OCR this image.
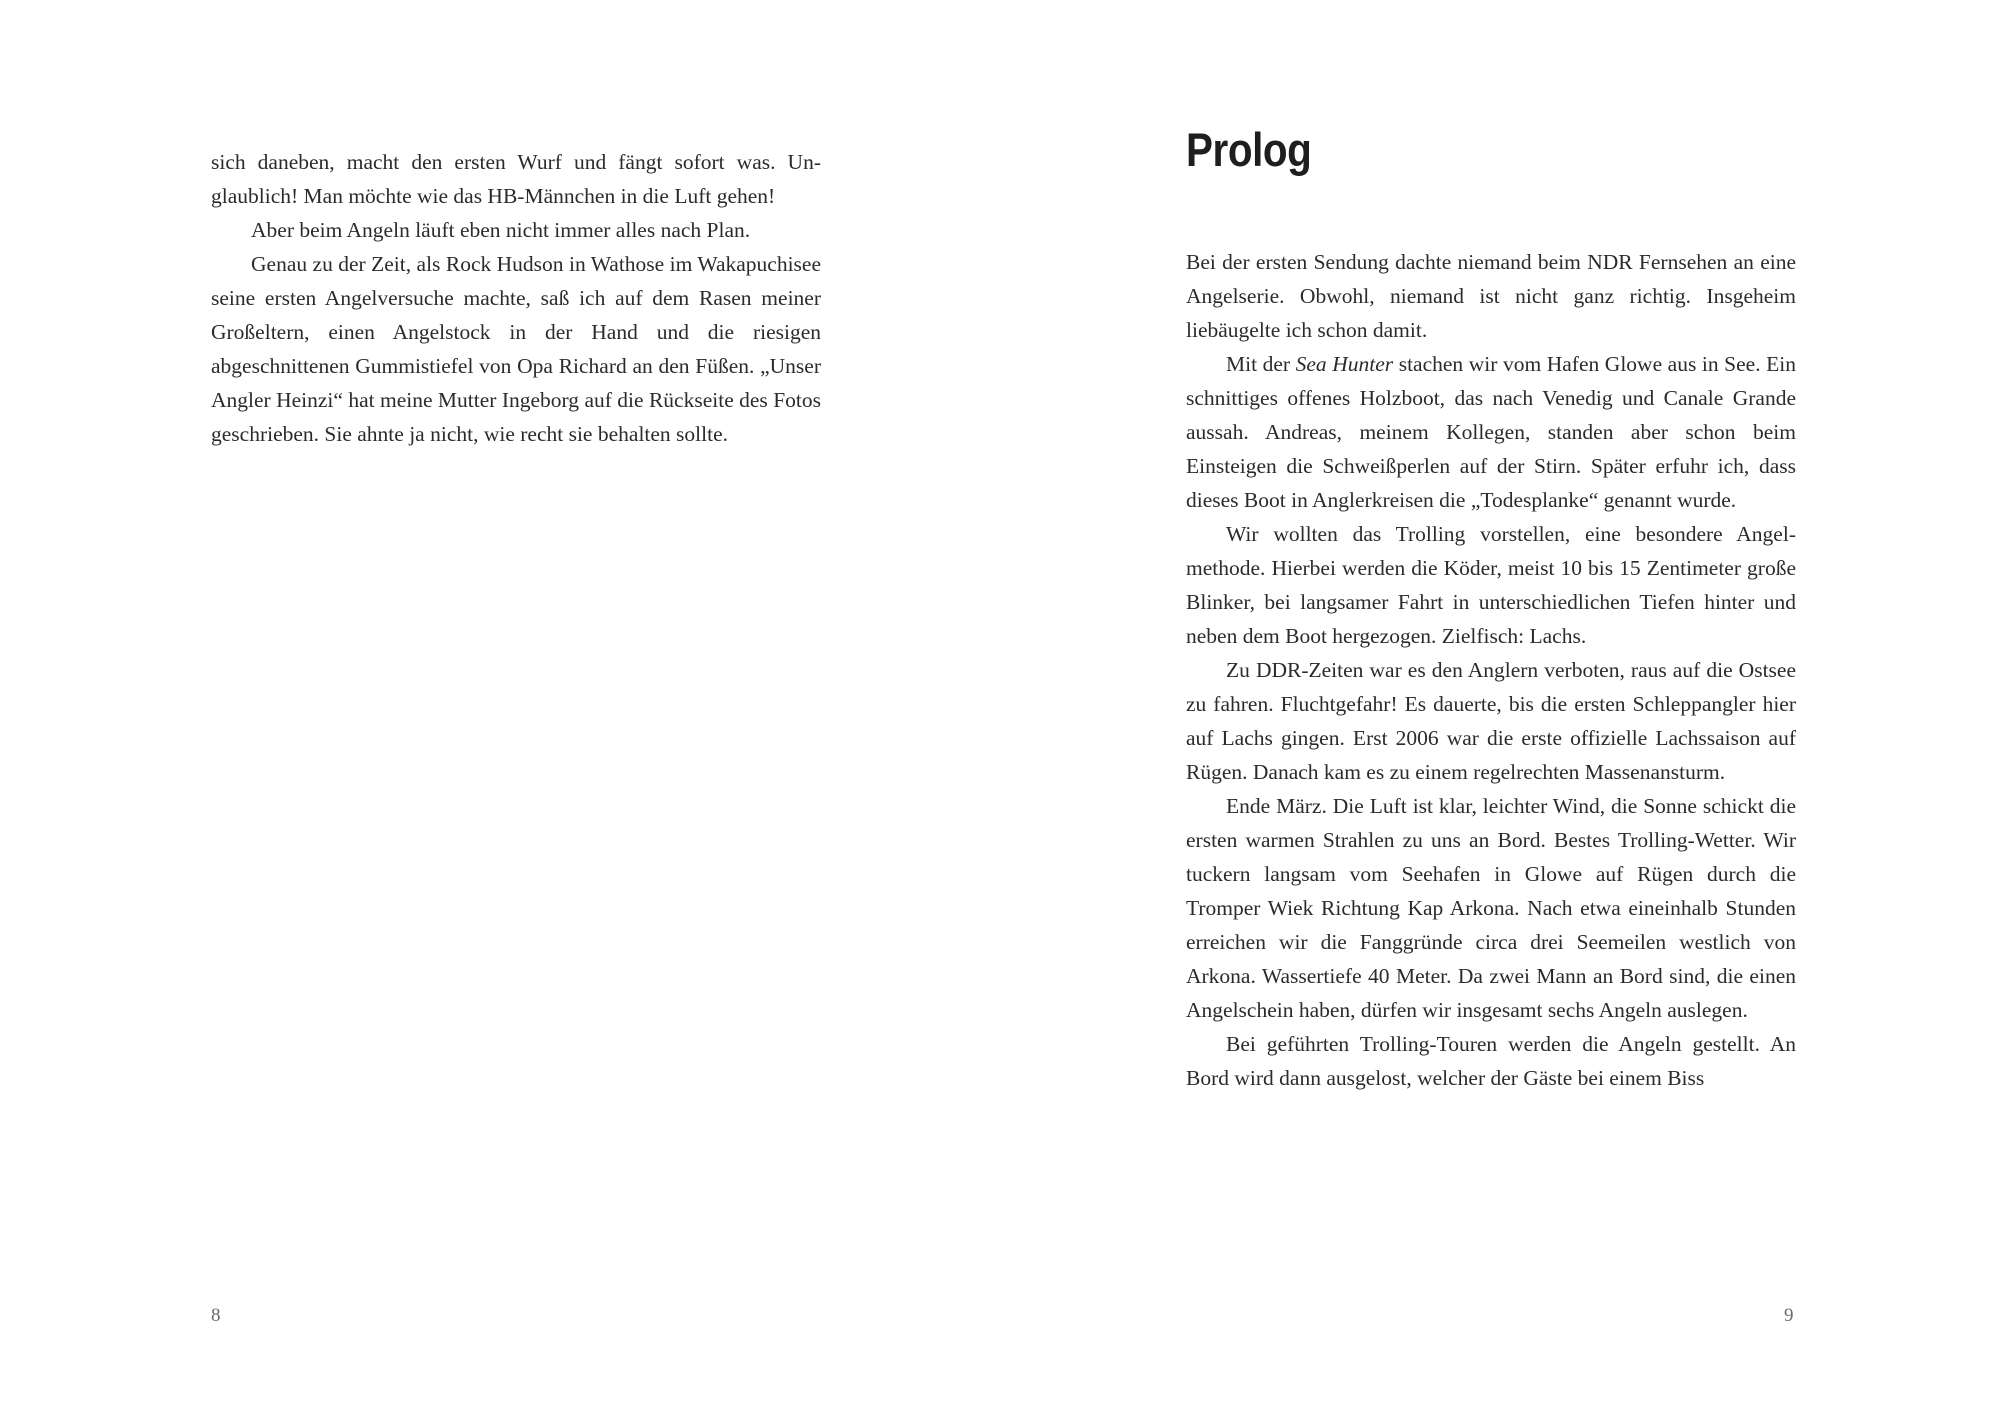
sich daneben, macht den ersten Wurf und fängt sofort was. Unglaublich! Man möchte wie das HB-Männchen in die Luft gehen!

Aber beim Angeln läuft eben nicht immer alles nach Plan.

Genau zu der Zeit, als Rock Hudson in Wathose im Wakapuchisee seine ersten Angelversuche machte, saß ich auf dem Rasen meiner Großeltern, einen Angelstock in der Hand und die riesigen abgeschnittenen Gummistiefel von Opa Richard an den Füßen. „Unser Angler Heinzi“ hat meine Mutter Ingeborg auf die Rückseite des Fotos geschrieben. Sie ahnte ja nicht, wie recht sie behalten sollte.

8
Prolog

Bei der ersten Sendung dachte niemand beim NDR Fernsehen an eine Angelserie. Obwohl, niemand ist nicht ganz richtig. Insgeheim liebäugelte ich schon damit.

Mit der Sea Hunter stachen wir vom Hafen Glowe aus in See. Ein schnittiges offenes Holzboot, das nach Venedig und Canale Grande aussah. Andreas, meinem Kollegen, standen aber schon beim Einsteigen die Schweißperlen auf der Stirn. Später erfuhr ich, dass dieses Boot in Anglerkreisen die „Todesplanke“ genannt wurde.

Wir wollten das Trolling vorstellen, eine besondere Angelmethode. Hierbei werden die Köder, meist 10 bis 15 Zentimeter große Blinker, bei langsamer Fahrt in unterschiedlichen Tiefen hinter und neben dem Boot hergezogen. Zielfisch: Lachs.

Zu DDR-Zeiten war es den Anglern verboten, raus auf die Ostsee zu fahren. Fluchtgefahr! Es dauerte, bis die ersten Schleppangler hier auf Lachs gingen. Erst 2006 war die erste offizielle Lachssaison auf Rügen. Danach kam es zu einem regelrechten Massenansturm.

Ende März. Die Luft ist klar, leichter Wind, die Sonne schickt die ersten warmen Strahlen zu uns an Bord. Bestes Trolling-Wetter. Wir tuckern langsam vom Seehafen in Glowe auf Rügen durch die Tromper Wiek Richtung Kap Arkona. Nach etwa eineinhalb Stunden erreichen wir die Fanggründe circa drei Seemeilen westlich von Arkona. Wassertiefe 40 Meter. Da zwei Mann an Bord sind, die einen Angelschein haben, dürfen wir insgesamt sechs Angeln auslegen.

Bei geführten Trolling-Touren werden die Angeln gestellt. An Bord wird dann ausgelost, welcher der Gäste bei einem Biss

9
